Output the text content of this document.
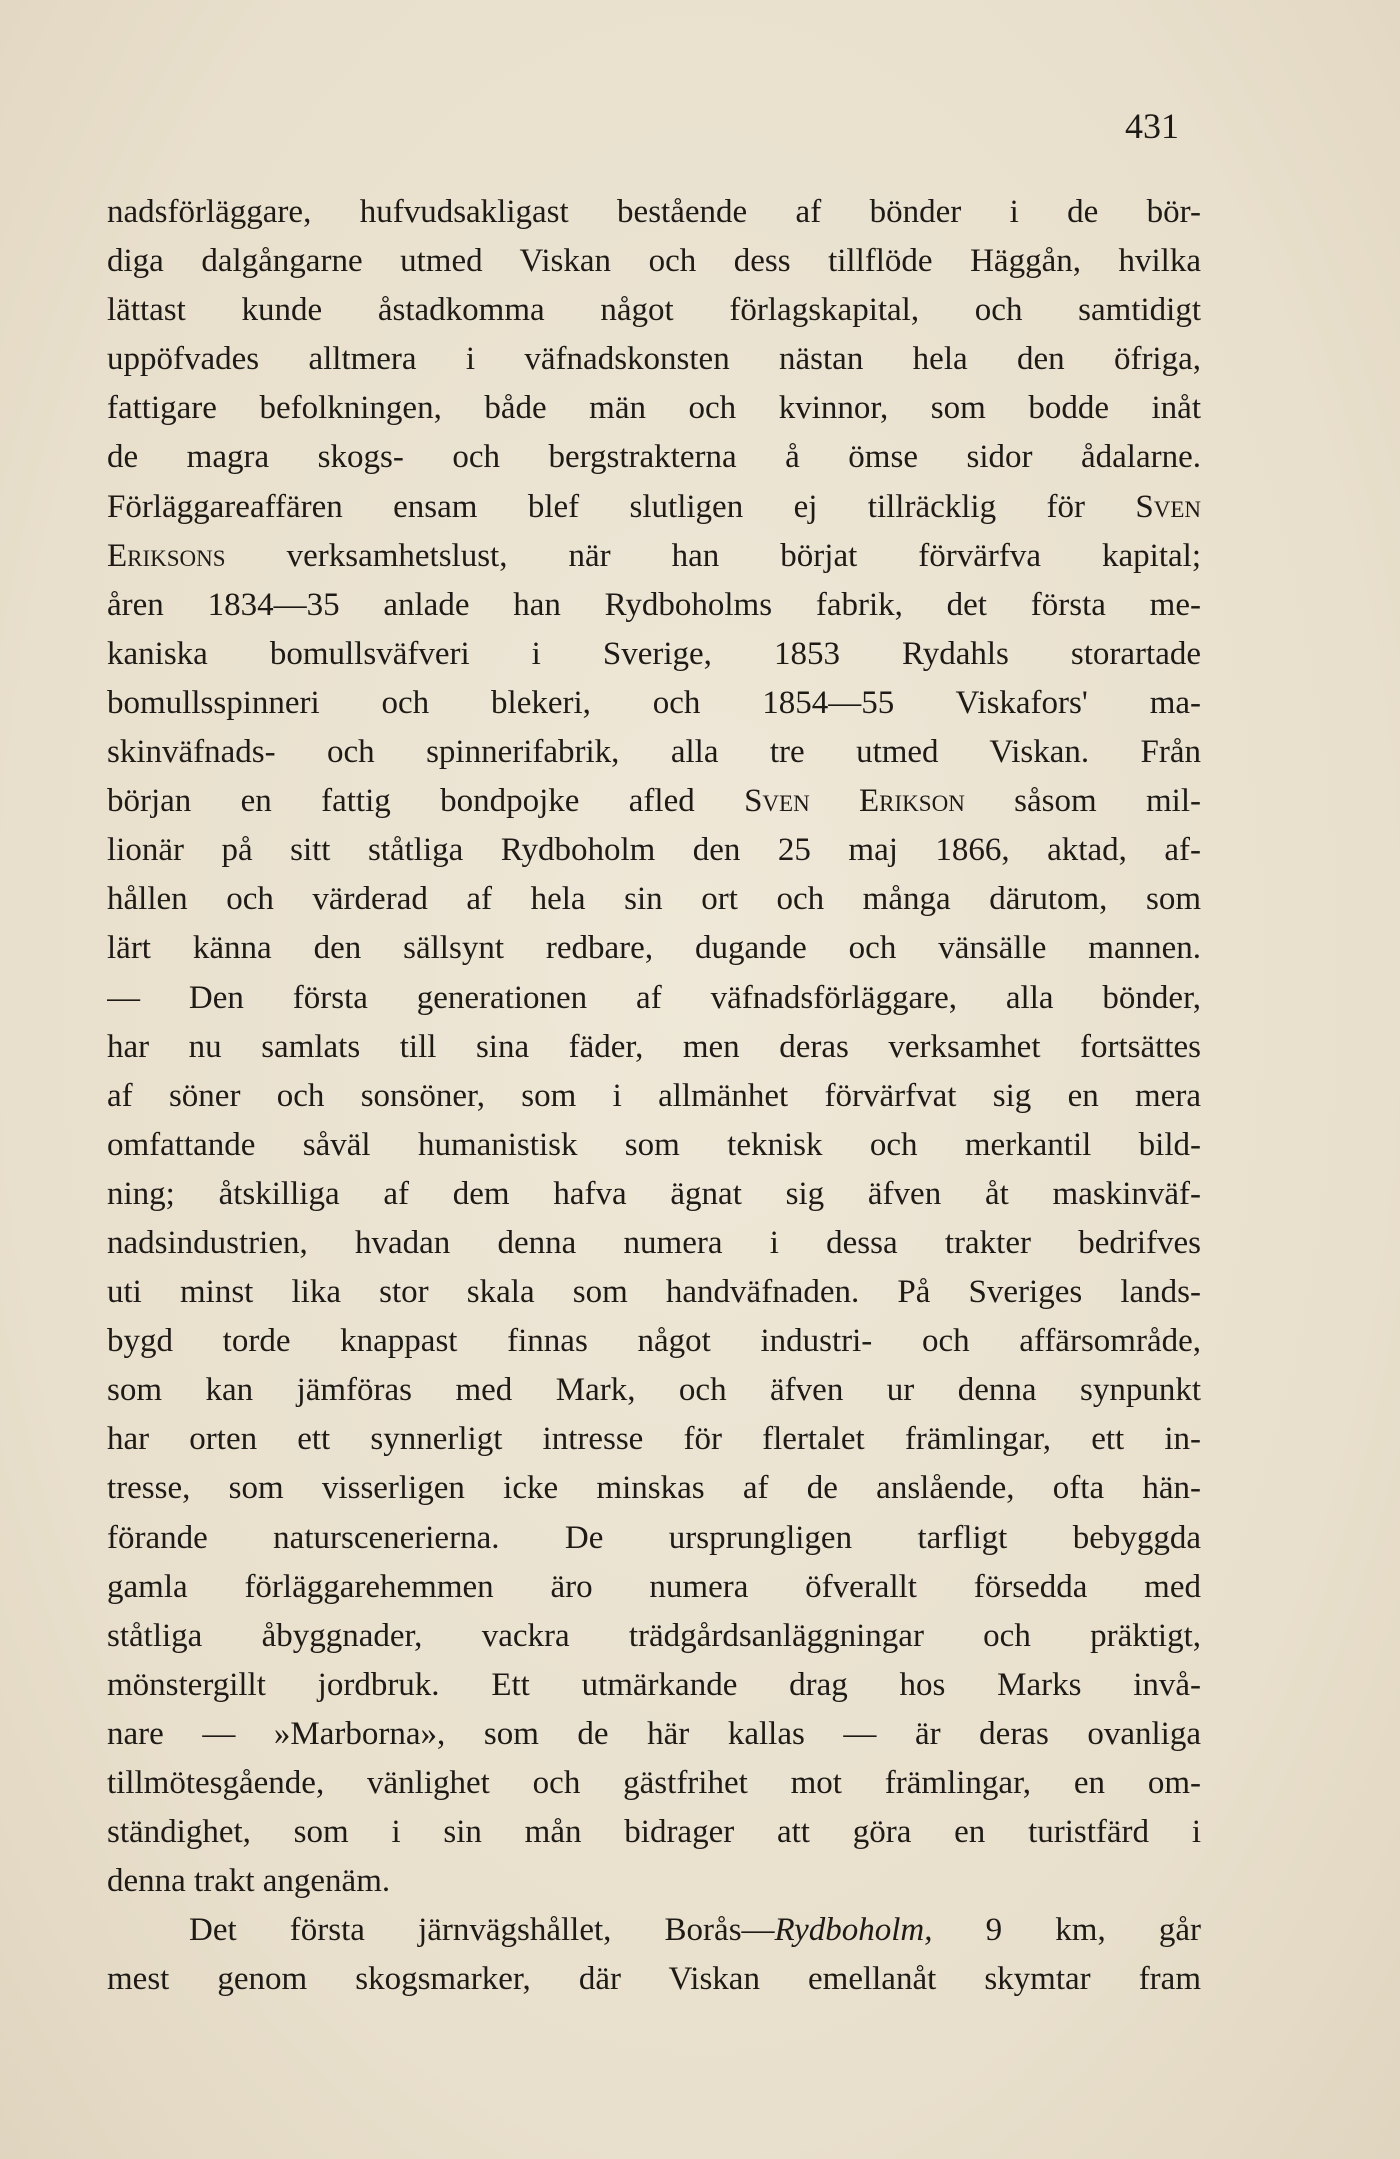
431
nadsförläggare, hufvudsakligast bestående af bönder i de bör-
diga dalgångarne utmed Viskan och dess tillflöde Häggån, hvilka
lättast kunde åstadkomma något förlagskapital, och samtidigt
uppöfvades alltmera i väfnadskonsten nästan hela den öfriga,
fattigare befolkningen, både män och kvinnor, som bodde inåt
de magra skogs- och bergstrakterna å ömse sidor ådalarne.
Förläggareaffären ensam blef slutligen ej tillräcklig för Sven
Eriksons verksamhetslust, när han börjat förvärfva kapital;
åren 1834—35 anlade han Rydboholms fabrik, det första me-
kaniska bomullsväfveri i Sverige, 1853 Rydahls storartade
bomullsspinneri och blekeri, och 1854—55 Viskafors' ma-
skinväfnads- och spinnerifabrik, alla tre utmed Viskan. Från
början en fattig bondpojke afled Sven Erikson såsom mil-
lionär på sitt ståtliga Rydboholm den 25 maj 1866, aktad, af-
hållen och värderad af hela sin ort och många därutom, som
lärt känna den sällsynt redbare, dugande och vänsälle mannen.
— Den första generationen af väfnadsförläggare, alla bönder,
har nu samlats till sina fäder, men deras verksamhet fortsättes
af söner och sonsöner, som i allmänhet förvärfvat sig en mera
omfattande såväl humanistisk som teknisk och merkantil bild-
ning; åtskilliga af dem hafva ägnat sig äfven åt maskinväf-
nadsindustrien, hvadan denna numera i dessa trakter bedrifves
uti minst lika stor skala som handväfnaden. På Sveriges lands-
bygd torde knappast finnas något industri- och affärsområde,
som kan jämföras med Mark, och äfven ur denna synpunkt
har orten ett synnerligt intresse för flertalet främlingar, ett in-
tresse, som visserligen icke minskas af de anslående, ofta hän-
förande naturscenerierna. De ursprungligen tarfligt bebyggda
gamla förläggarehemmen äro numera öfverallt försedda med
ståtliga åbyggnader, vackra trädgårdsanläggningar och präktigt,
mönstergillt jordbruk. Ett utmärkande drag hos Marks invå-
nare — »Marborna», som de här kallas — är deras ovanliga
tillmötesgående, vänlighet och gästfrihet mot främlingar, en om-
ständighet, som i sin mån bidrager att göra en turistfärd i
denna trakt angenäm.
Det första järnvägshållet, Borås—Rydboholm, 9 km, går
mest genom skogsmarker, där Viskan emellanåt skymtar fram
